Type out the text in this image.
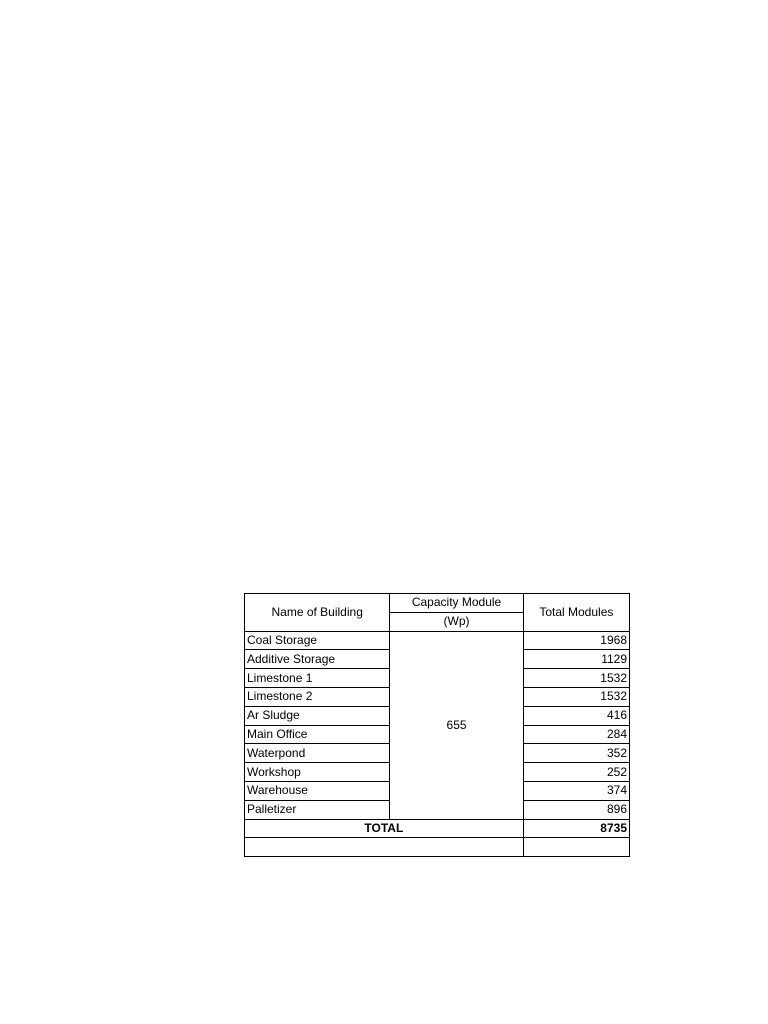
Name of Building	Capacity Module	Total Modules
	(Wp)	
Coal Storage	655	1968
Additive Storage		1129
Limestone 1		1532
Limestone 2		1532
Ar Sludge		416
Main Office		284
Waterpond		352
Workshop		252
Warehouse		374
Palletizer		896
TOTAL		8735
